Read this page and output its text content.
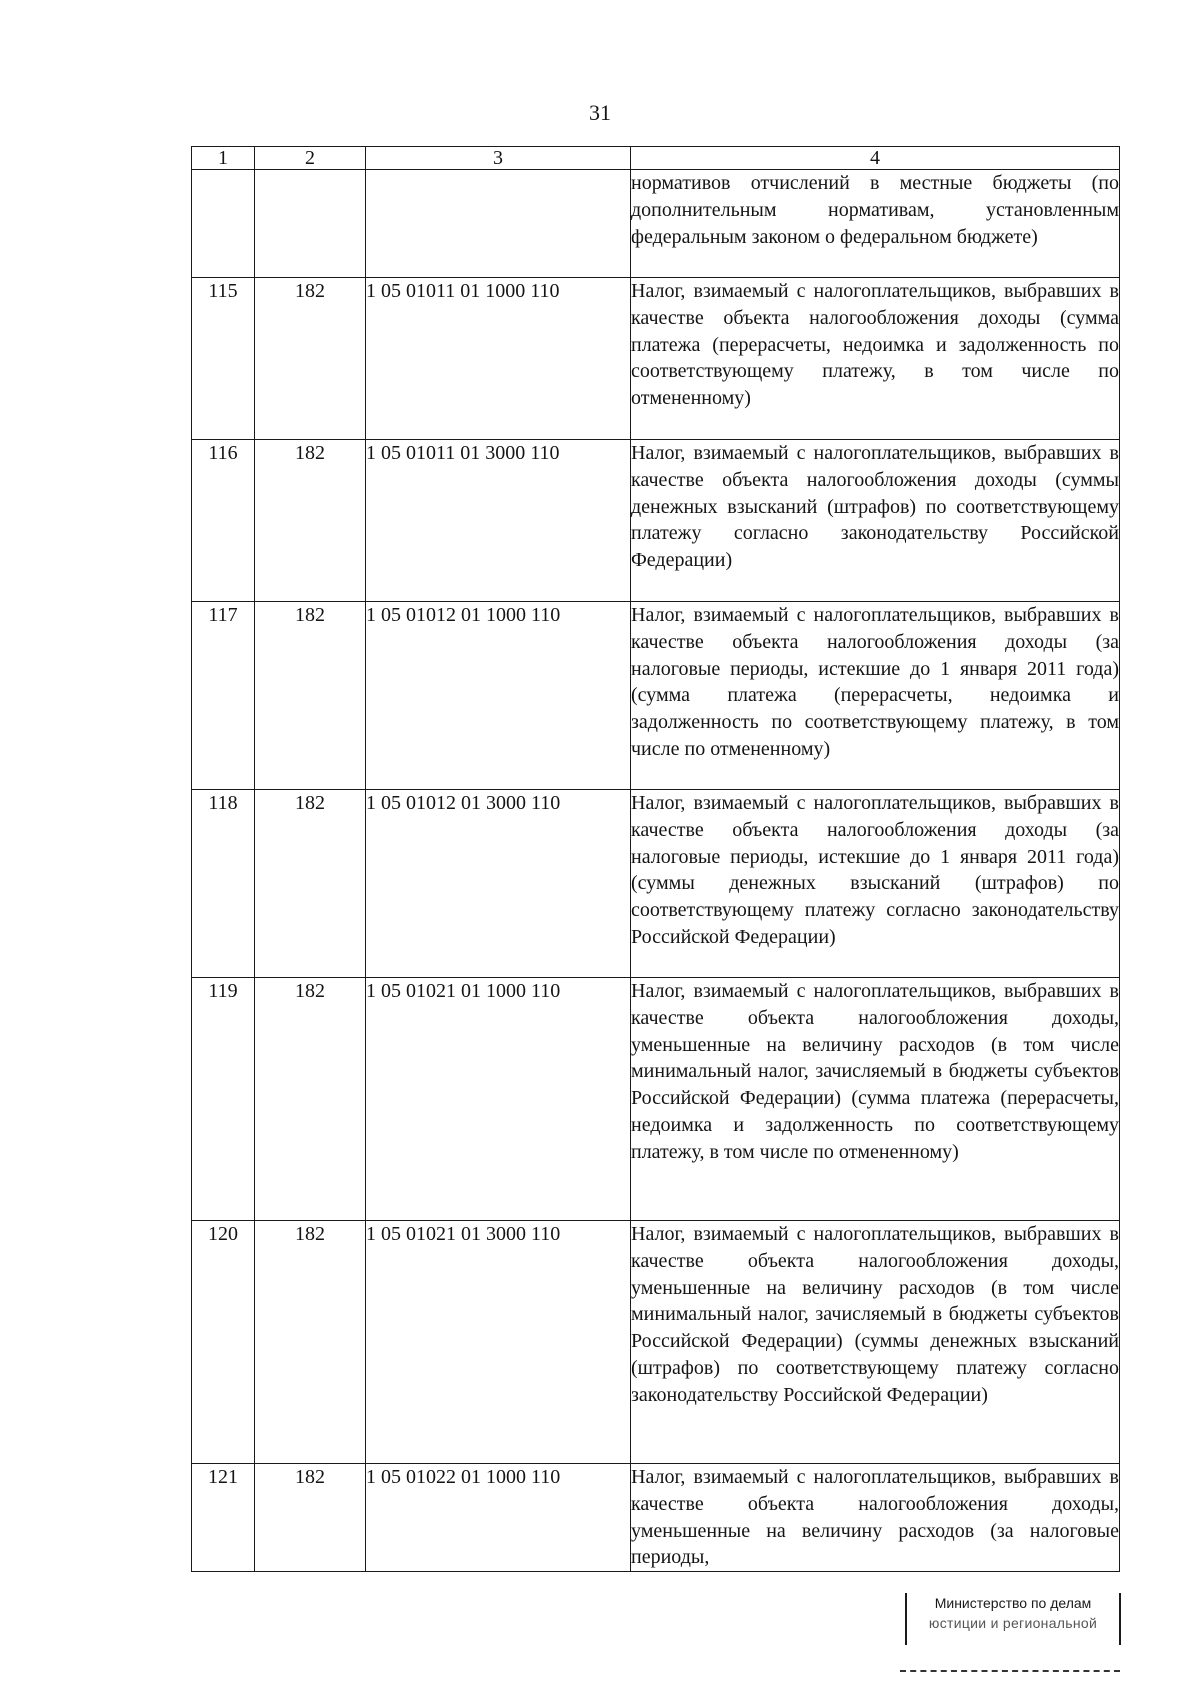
31
1	2	3	4
			нормативов отчислений в местные бюджеты (по дополнительным нормативам, установленным федеральным законом о федеральном бюджете)
115	182	1 05 01011 01 1000 110	Налог, взимаемый с налогоплательщиков, выбравших в качестве объекта налогообложения доходы (сумма платежа (перерасчеты, недоимка и задолженность по соответствующему платежу, в том числе по отмененному)
116	182	1 05 01011 01 3000 110	Налог, взимаемый с налогоплательщиков, выбравших в качестве объекта налогообложения доходы (суммы денежных взысканий (штрафов) по соответствующему платежу согласно законодательству Российской Федерации)
117	182	1 05 01012 01 1000 110	Налог, взимаемый с налогоплательщиков, выбравших в качестве объекта налогообложения доходы (за налоговые периоды, истекшие до 1 января 2011 года) (сумма платежа (перерасчеты, недоимка и задолженность по соответствующему платежу, в том числе по отмененному)
118	182	1 05 01012 01 3000 110	Налог, взимаемый с налогоплательщиков, выбравших в качестве объекта налогообложения доходы (за налоговые периоды, истекшие до 1 января 2011 года) (суммы денежных взысканий (штрафов) по соответствующему платежу согласно законодательству Российской Федерации)
119	182	1 05 01021 01 1000 110	Налог, взимаемый с налогоплательщиков, выбравших в качестве объекта налогообложения доходы, уменьшенные на величину расходов (в том числе минимальный налог, зачисляемый в бюджеты субъектов Российской Федерации) (сумма платежа (перерасчеты, недоимка и задолженность по соответствующему платежу, в том числе по отмененному)
120	182	1 05 01021 01 3000 110	Налог, взимаемый с налогоплательщиков, выбравших в качестве объекта налогообложения доходы, уменьшенные на величину расходов (в том числе минимальный налог, зачисляемый в бюджеты субъектов Российской Федерации) (суммы денежных взысканий (штрафов) по соответствующему платежу согласно законодательству Российской Федерации)
121	182	1 05 01022 01 1000 110	Налог, взимаемый с налогоплательщиков, выбравших в качестве объекта налогообложения доходы, уменьшенные на величину расходов (за налоговые периоды,
Министерство по делам
юстиции и региональной
